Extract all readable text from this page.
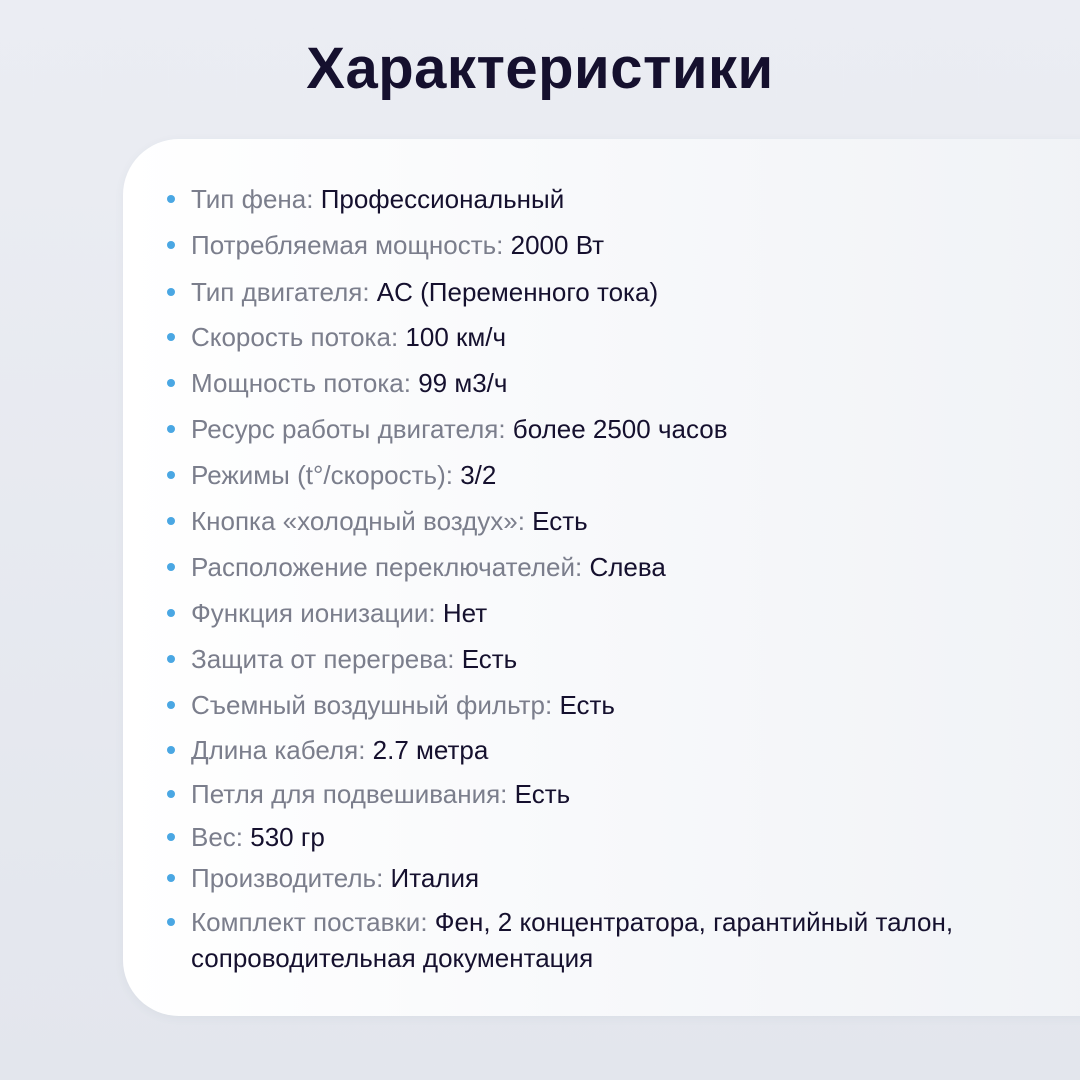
Характеристики
Тип фена: Профессиональный
Потребляемая мощность: 2000 Вт
Тип двигателя: AC (Переменного тока)
Скорость потока: 100 км/ч
Мощность потока: 99 м3/ч
Ресурс работы двигателя: более 2500 часов
Режимы (t°/скорость): 3/2
Кнопка «холодный воздух»: Есть
Расположение переключателей: Слева
Функция ионизации: Нет
Защита от перегрева: Есть
Съемный воздушный фильтр: Есть
Длина кабеля: 2.7 метра
Петля для подвешивания: Есть
Вес: 530 гр
Производитель: Италия
Комплект поставки: Фен, 2 концентратора, гарантийный талон, сопроводительная документация
